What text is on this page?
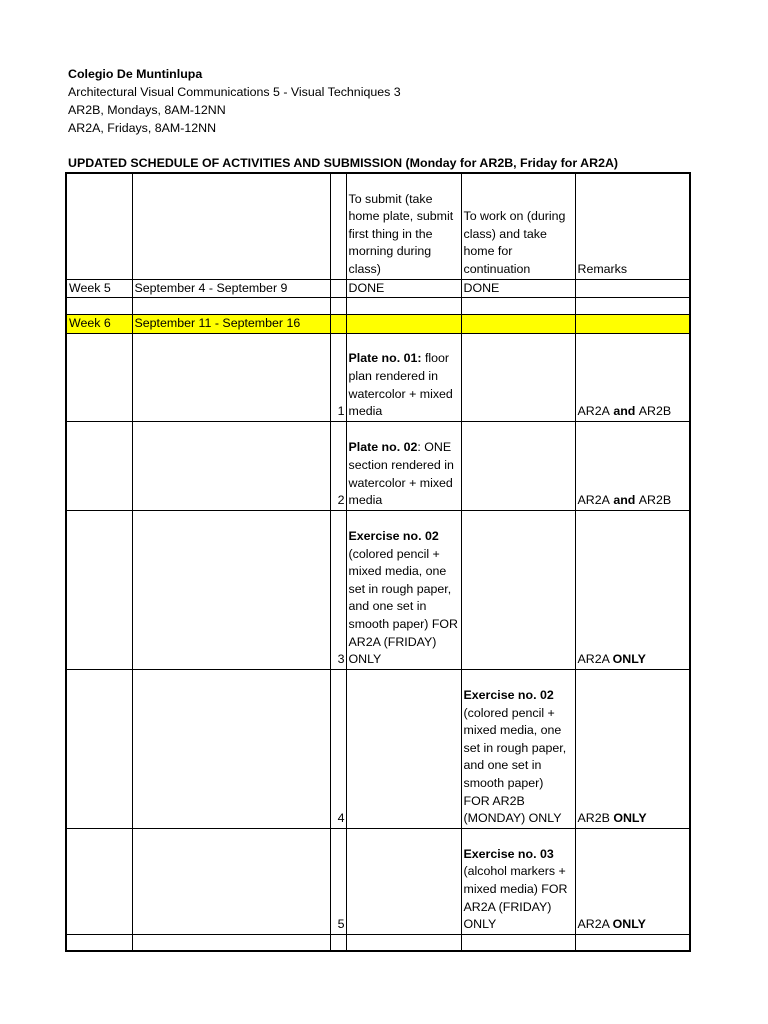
Colegio De Muntinlupa
Architectural Visual Communications 5 - Visual Techniques 3
AR2B, Mondays, 8AM-12NN
AR2A, Fridays, 8AM-12NN
UPDATED SCHEDULE OF ACTIVITIES AND SUBMISSION (Monday for AR2B, Friday for AR2A)
			To submit (take home plate, submit first thing in the morning during class)	To work on (during class) and take home for continuation	Remarks
Week 5	September 4 - September 9		DONE	DONE	

Week 6	September 11 - September 16				
		1	Plate no. 01: floor plan rendered in watercolor + mixed media		AR2A and AR2B
		2	Plate no. 02: ONE section rendered in watercolor + mixed media		AR2A and AR2B
		3	Exercise no. 02 (colored pencil + mixed media, one set in rough paper, and one set in smooth paper) FOR AR2A (FRIDAY) ONLY		AR2A ONLY
		4		Exercise no. 02 (colored pencil + mixed media, one set in rough paper, and one set in smooth paper) FOR AR2B (MONDAY) ONLY	AR2B ONLY
		5		Exercise no. 03 (alcohol markers + mixed media) FOR AR2A (FRIDAY) ONLY	AR2A ONLY
